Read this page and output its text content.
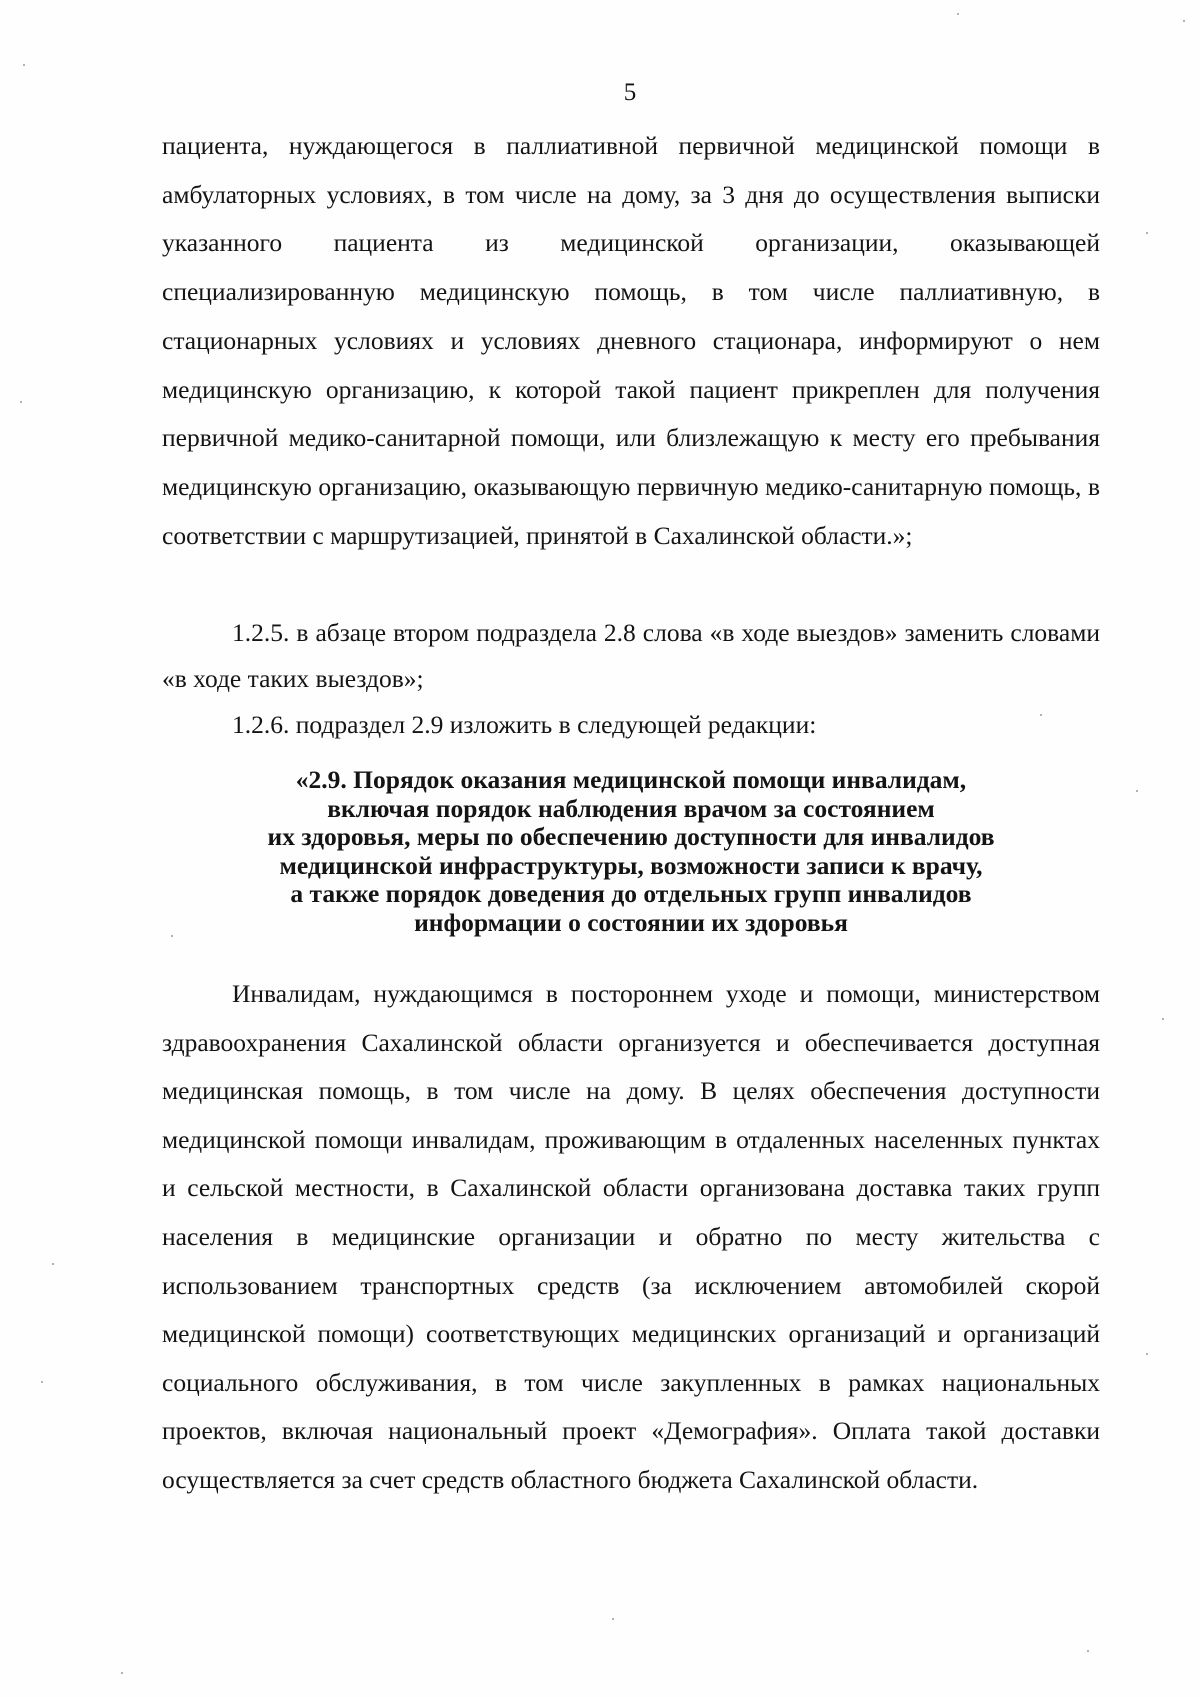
5

пациента, нуждающегося в паллиативной первичной медицинской помощи в амбулаторных условиях, в том числе на дому, за 3 дня до осуществления выписки указанного пациента из медицинской организации, оказывающей специализированную медицинскую помощь, в том числе паллиативную, в стационарных условиях и условиях дневного стационара, информируют о нем медицинскую организацию, к которой такой пациент прикреплен для получения первичной медико-санитарной помощи, или близлежащую к месту его пребывания медицинскую организацию, оказывающую первичную медико-санитарную помощь, в соответствии с маршрутизацией, принятой в Сахалинской области.»;

1.2.5. в абзаце втором подраздела 2.8 слова «в ходе выездов» заменить словами «в ходе таких выездов»;

1.2.6. подраздел 2.9 изложить в следующей редакции:

«2.9. Порядок оказания медицинской помощи инвалидам,
включая порядок наблюдения врачом за состоянием
их здоровья, меры по обеспечению доступности для инвалидов
медицинской инфраструктуры, возможности записи к врачу,
а также порядок доведения до отдельных групп инвалидов
информации о состоянии их здоровья

Инвалидам, нуждающимся в постороннем уходе и помощи, министерством здравоохранения Сахалинской области организуется и обеспечивается доступная медицинская помощь, в том числе на дому. В целях обеспечения доступности медицинской помощи инвалидам, проживающим в отдаленных населенных пунктах и сельской местности, в Сахалинской области организована доставка таких групп населения в медицинские организации и обратно по месту жительства с использованием транспортных средств (за исключением автомобилей скорой медицинской помощи) соответствующих медицинских организаций и организаций социального обслуживания, в том числе закупленных в рамках национальных проектов, включая национальный проект «Демография». Оплата такой доставки осуществляется за счет средств областного бюджета Сахалинской области.
